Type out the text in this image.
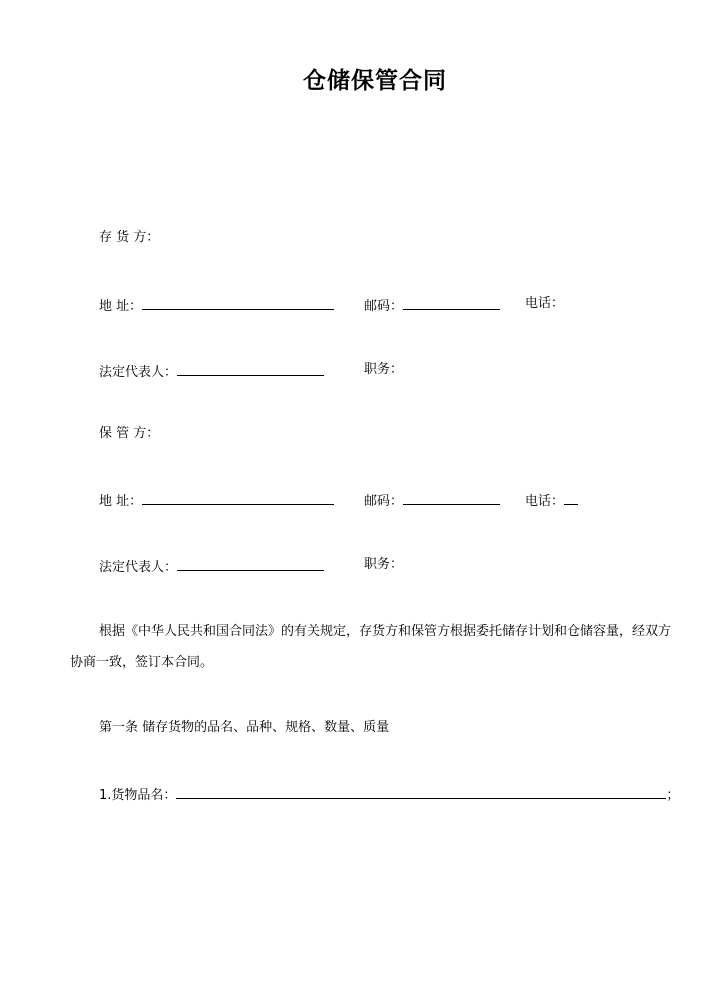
仓储保管合同
存 货 方：
地 址：	邮码：	电话：
法定代表人：	职务：
保 管 方：
地 址：	邮码：	电话：
法定代表人：	职务：
根据《中华人民共和国合同法》的有关规定，存货方和保管方根据委托储存计划和仓储容量，经双方协商一致，签订本合同。
第一条 储存货物的品名、品种、规格、数量、质量
1.货物品名：	；
